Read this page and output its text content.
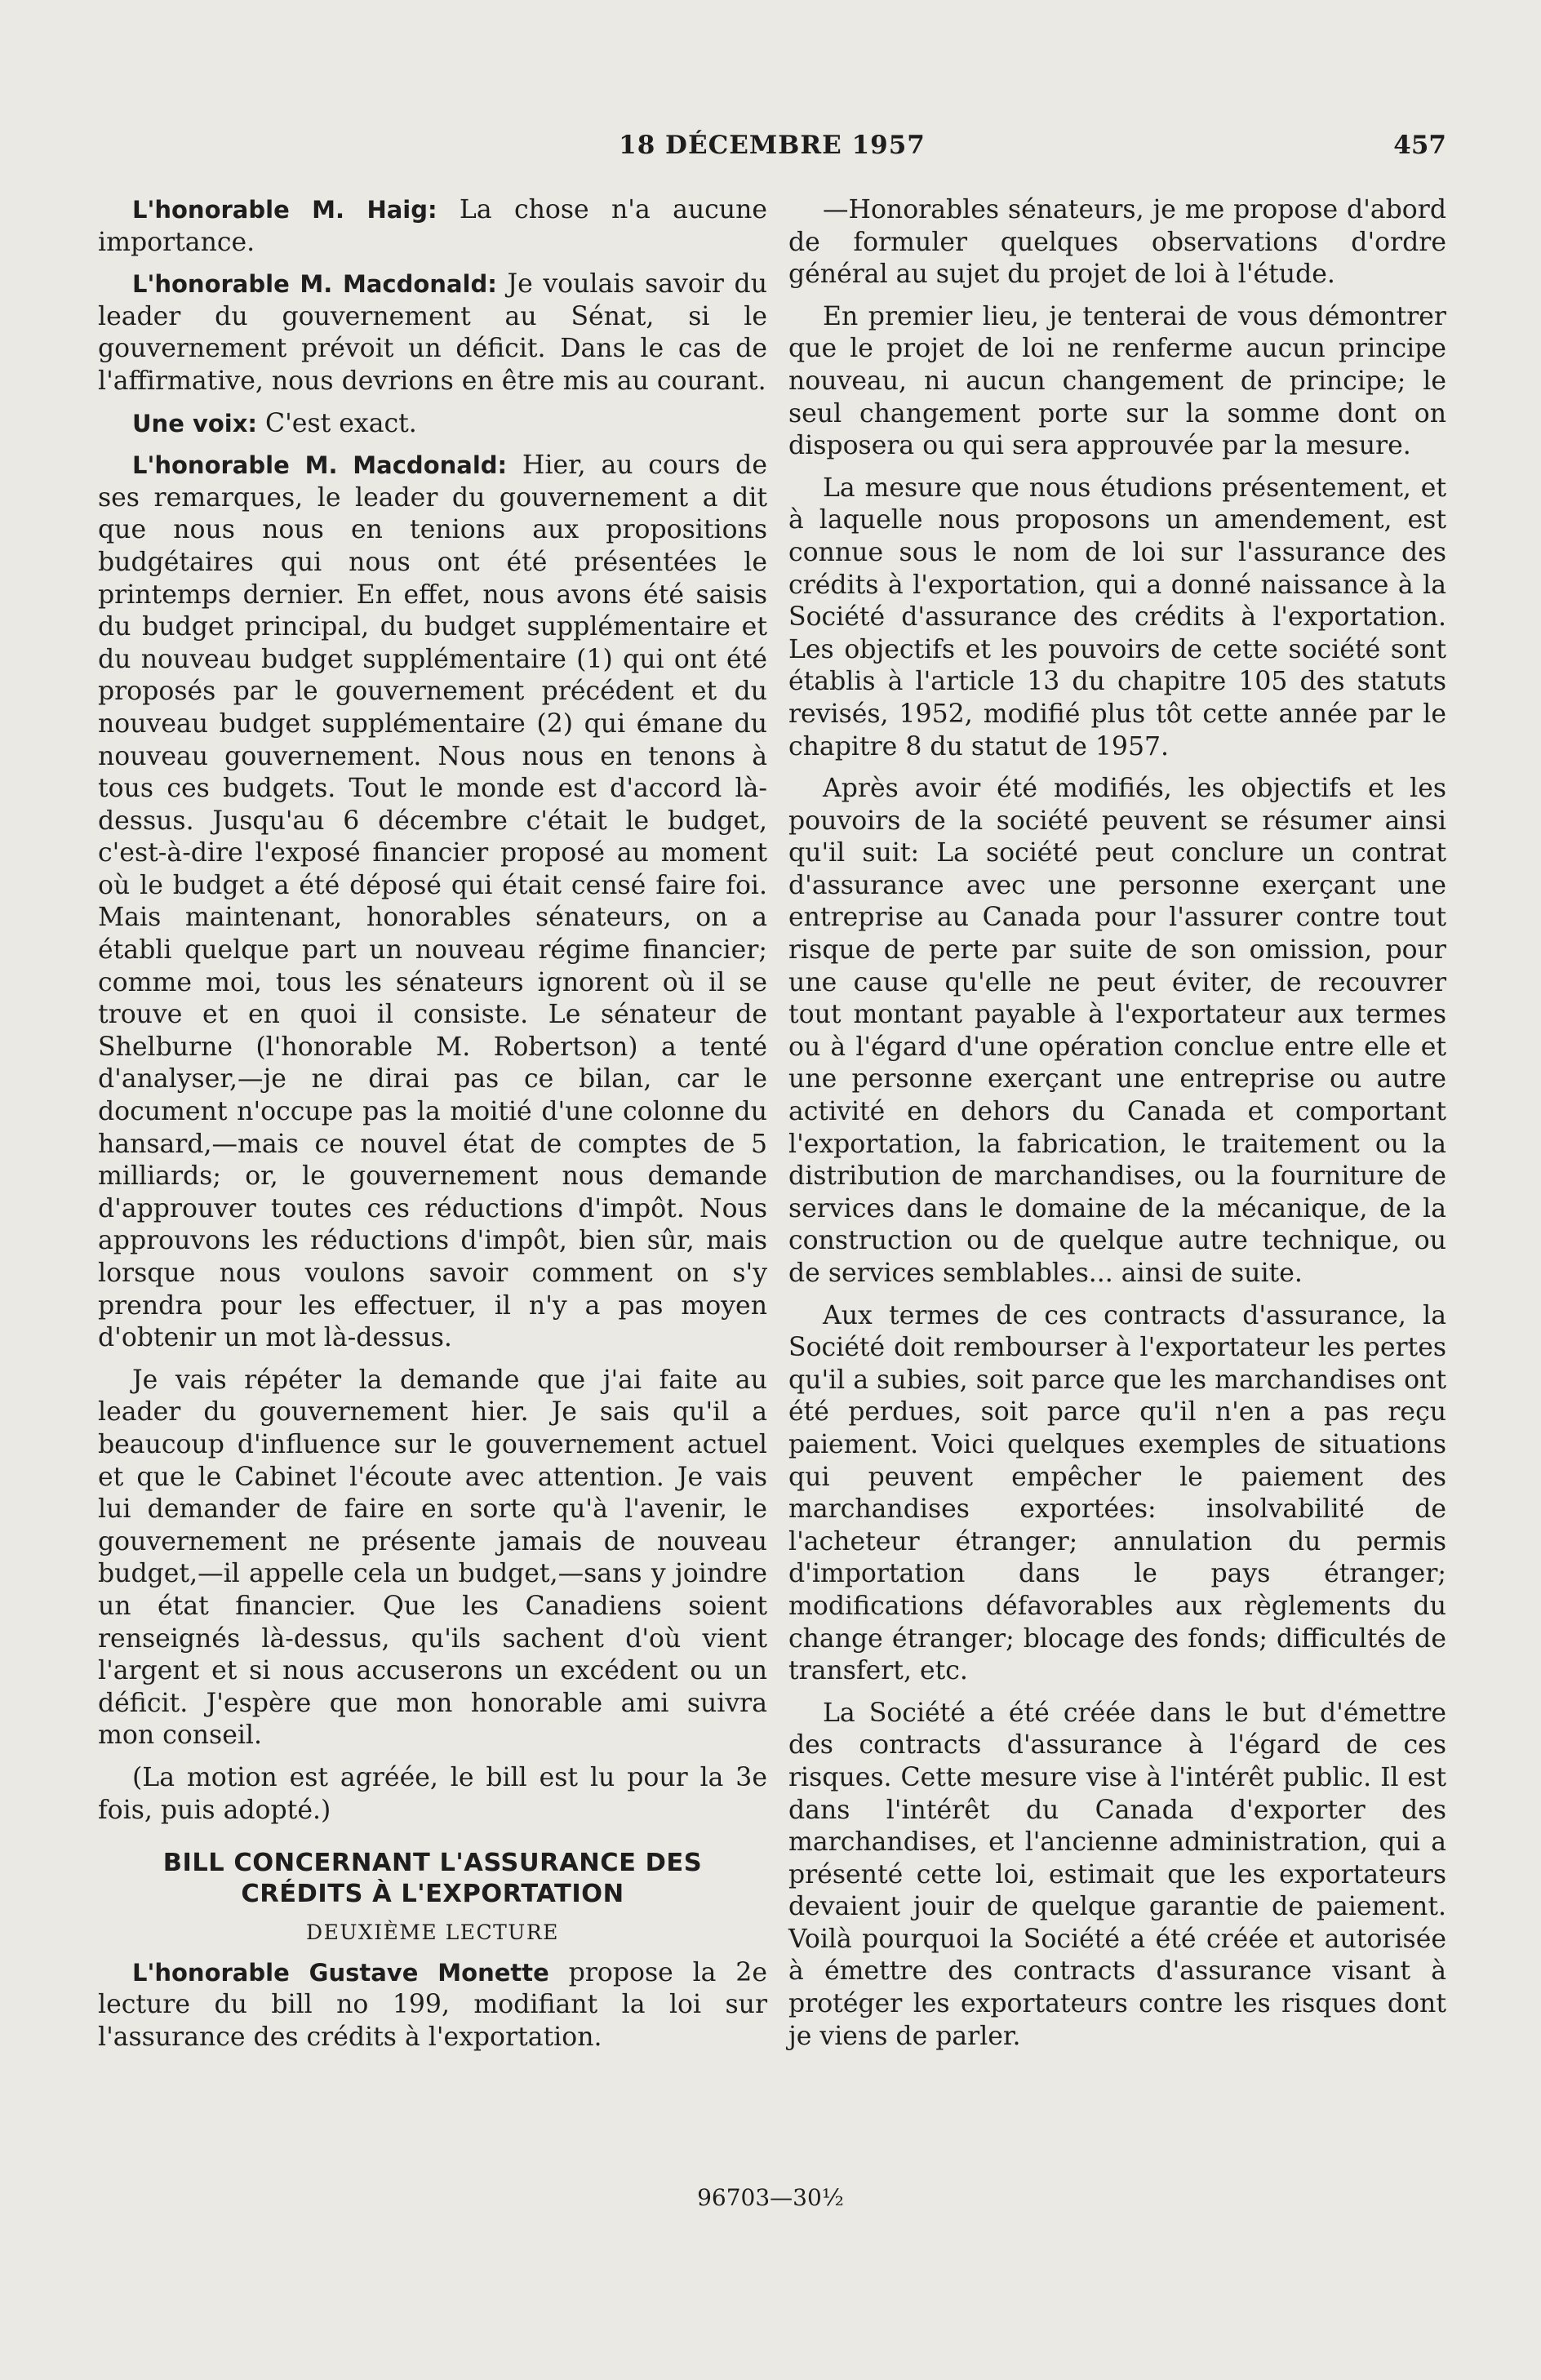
18 DÉCEMBRE 1957	457

L'honorable M. Haig: La chose n'a aucune importance.

L'honorable M. Macdonald: Je voulais savoir du leader du gouvernement au Sénat, si le gouvernement prévoit un déficit. Dans le cas de l'affirmative, nous devrions en être mis au courant.

Une voix: C'est exact.

L'honorable M. Macdonald: Hier, au cours de ses remarques, le leader du gouvernement a dit que nous nous en tenions aux propositions budgétaires qui nous ont été présentées le printemps dernier. En effet, nous avons été saisis du budget principal, du budget supplémentaire et du nouveau budget supplémentaire (1) qui ont été proposés par le gouvernement précédent et du nouveau budget supplémentaire (2) qui émane du nouveau gouvernement. Nous nous en tenons à tous ces budgets. Tout le monde est d'accord là-dessus. Jusqu'au 6 décembre c'était le budget, c'est-à-dire l'exposé financier proposé au moment où le budget a été déposé qui était censé faire foi. Mais maintenant, honorables sénateurs, on a établi quelque part un nouveau régime financier; comme moi, tous les sénateurs ignorent où il se trouve et en quoi il consiste. Le sénateur de Shelburne (l'honorable M. Robertson) a tenté d'analyser,—je ne dirai pas ce bilan, car le document n'occupe pas la moitié d'une colonne du hansard,—mais ce nouvel état de comptes de 5 milliards; or, le gouvernement nous demande d'approuver toutes ces réductions d'impôt. Nous approuvons les réductions d'impôt, bien sûr, mais lorsque nous voulons savoir comment on s'y prendra pour les effectuer, il n'y a pas moyen d'obtenir un mot là-dessus.

Je vais répéter la demande que j'ai faite au leader du gouvernement hier. Je sais qu'il a beaucoup d'influence sur le gouvernement actuel et que le Cabinet l'écoute avec attention. Je vais lui demander de faire en sorte qu'à l'avenir, le gouvernement ne présente jamais de nouveau budget,—il appelle cela un budget,—sans y joindre un état financier. Que les Canadiens soient renseignés là-dessus, qu'ils sachent d'où vient l'argent et si nous accuserons un excédent ou un déficit. J'espère que mon honorable ami suivra mon conseil.

(La motion est agréée, le bill est lu pour la 3e fois, puis adopté.)

BILL CONCERNANT L'ASSURANCE DES CRÉDITS À L'EXPORTATION
DEUXIÈME LECTURE

L'honorable Gustave Monette propose la 2e lecture du bill no 199, modifiant la loi sur l'assurance des crédits à l'exportation.

—Honorables sénateurs, je me propose d'abord de formuler quelques observations d'ordre général au sujet du projet de loi à l'étude.

En premier lieu, je tenterai de vous démontrer que le projet de loi ne renferme aucun principe nouveau, ni aucun changement de principe; le seul changement porte sur la somme dont on disposera ou qui sera approuvée par la mesure.

La mesure que nous étudions présentement, et à laquelle nous proposons un amendement, est connue sous le nom de loi sur l'assurance des crédits à l'exportation, qui a donné naissance à la Société d'assurance des crédits à l'exportation. Les objectifs et les pouvoirs de cette société sont établis à l'article 13 du chapitre 105 des statuts revisés, 1952, modifié plus tôt cette année par le chapitre 8 du statut de 1957.

Après avoir été modifiés, les objectifs et les pouvoirs de la société peuvent se résumer ainsi qu'il suit: La société peut conclure un contrat d'assurance avec une personne exerçant une entreprise au Canada pour l'assurer contre tout risque de perte par suite de son omission, pour une cause qu'elle ne peut éviter, de recouvrer tout montant payable à l'exportateur aux termes ou à l'égard d'une opération conclue entre elle et une personne exerçant une entreprise ou autre activité en dehors du Canada et comportant l'exportation, la fabrication, le traitement ou la distribution de marchandises, ou la fourniture de services dans le domaine de la mécanique, de la construction ou de quelque autre technique, ou de services semblables... ainsi de suite.

Aux termes de ces contracts d'assurance, la Société doit rembourser à l'exportateur les pertes qu'il a subies, soit parce que les marchandises ont été perdues, soit parce qu'il n'en a pas reçu paiement. Voici quelques exemples de situations qui peuvent empêcher le paiement des marchandises exportées: insolvabilité de l'acheteur étranger; annulation du permis d'importation dans le pays étranger; modifications défavorables aux règlements du change étranger; blocage des fonds; difficultés de transfert, etc.

La Société a été créée dans le but d'émettre des contracts d'assurance à l'égard de ces risques. Cette mesure vise à l'intérêt public. Il est dans l'intérêt du Canada d'exporter des marchandises, et l'ancienne administration, qui a présenté cette loi, estimait que les exportateurs devaient jouir de quelque garantie de paiement. Voilà pourquoi la Société a été créée et autorisée à émettre des contracts d'assurance visant à protéger les exportateurs contre les risques dont je viens de parler.

96703—30½
